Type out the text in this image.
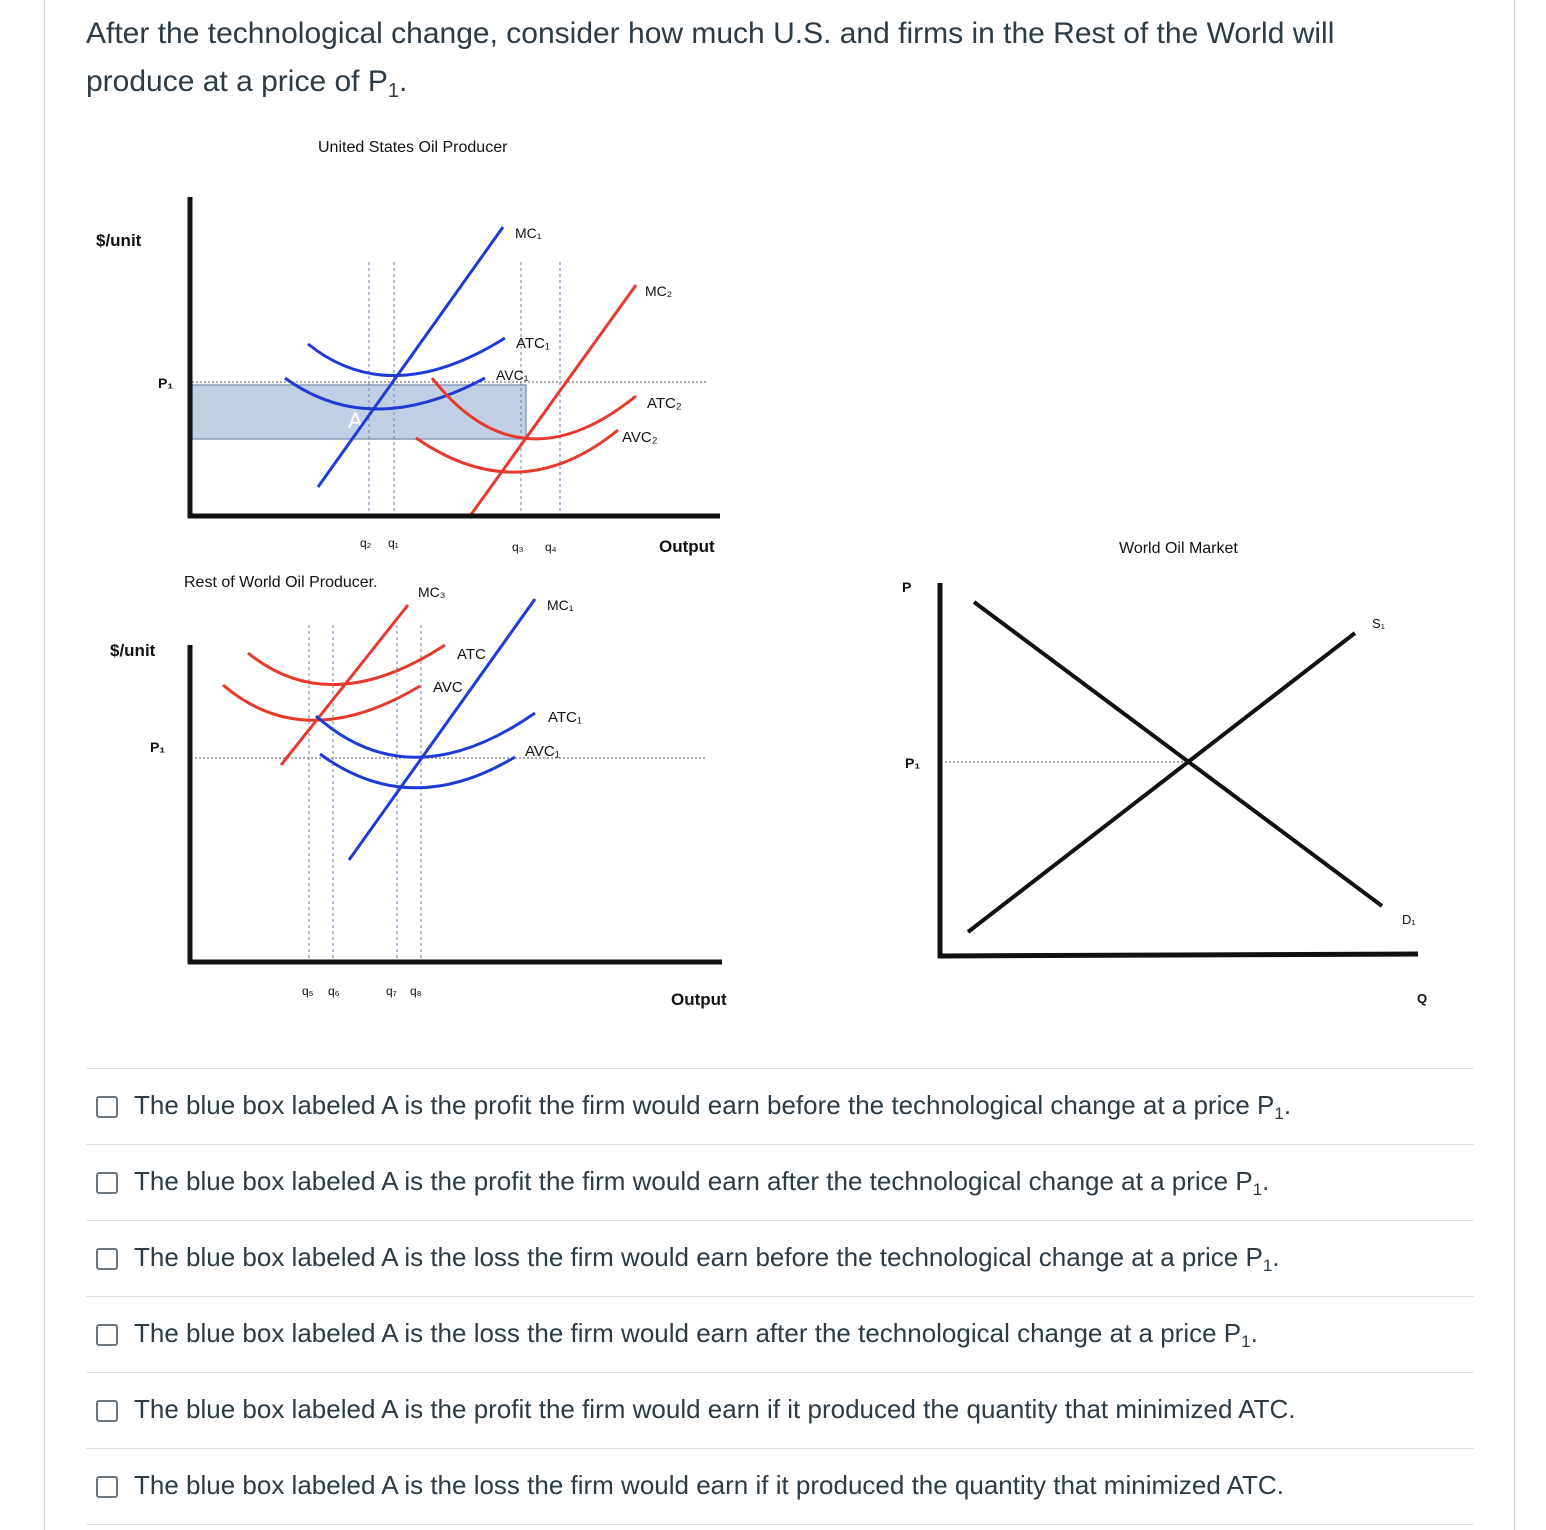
After the technological change, consider how much U.S. and firms in the Rest of the World will
produce at a price of $P_1$.
United States Oil Producer
$/unit
P₁
A
MC₁
MC₂
ATC₁
AVC₁
ATC₂
AVC₂
q₂ q₁	q₃ q₄	Output
Rest of World Oil Producer.
$/unit
P₁
MC₃
MC₁
ATC
AVC
ATC₁
AVC₁
q₅ q₆	q₇ q₈	Output
World Oil Market
P
P₁
S₁
D₁
Q
The blue box labeled A is the profit the firm would earn before the technological change at a price $P_1$.
The blue box labeled A is the profit the firm would earn after the technological change at a price $P_1$.
The blue box labeled A is the loss the firm would earn before the technological change at a price $P_1$.
The blue box labeled A is the loss the firm would earn after the technological change at a price $P_1$.
The blue box labeled A is the profit the firm would earn if it produced the quantity that minimized ATC.
The blue box labeled A is the loss the firm would earn if it produced the quantity that minimized ATC.
